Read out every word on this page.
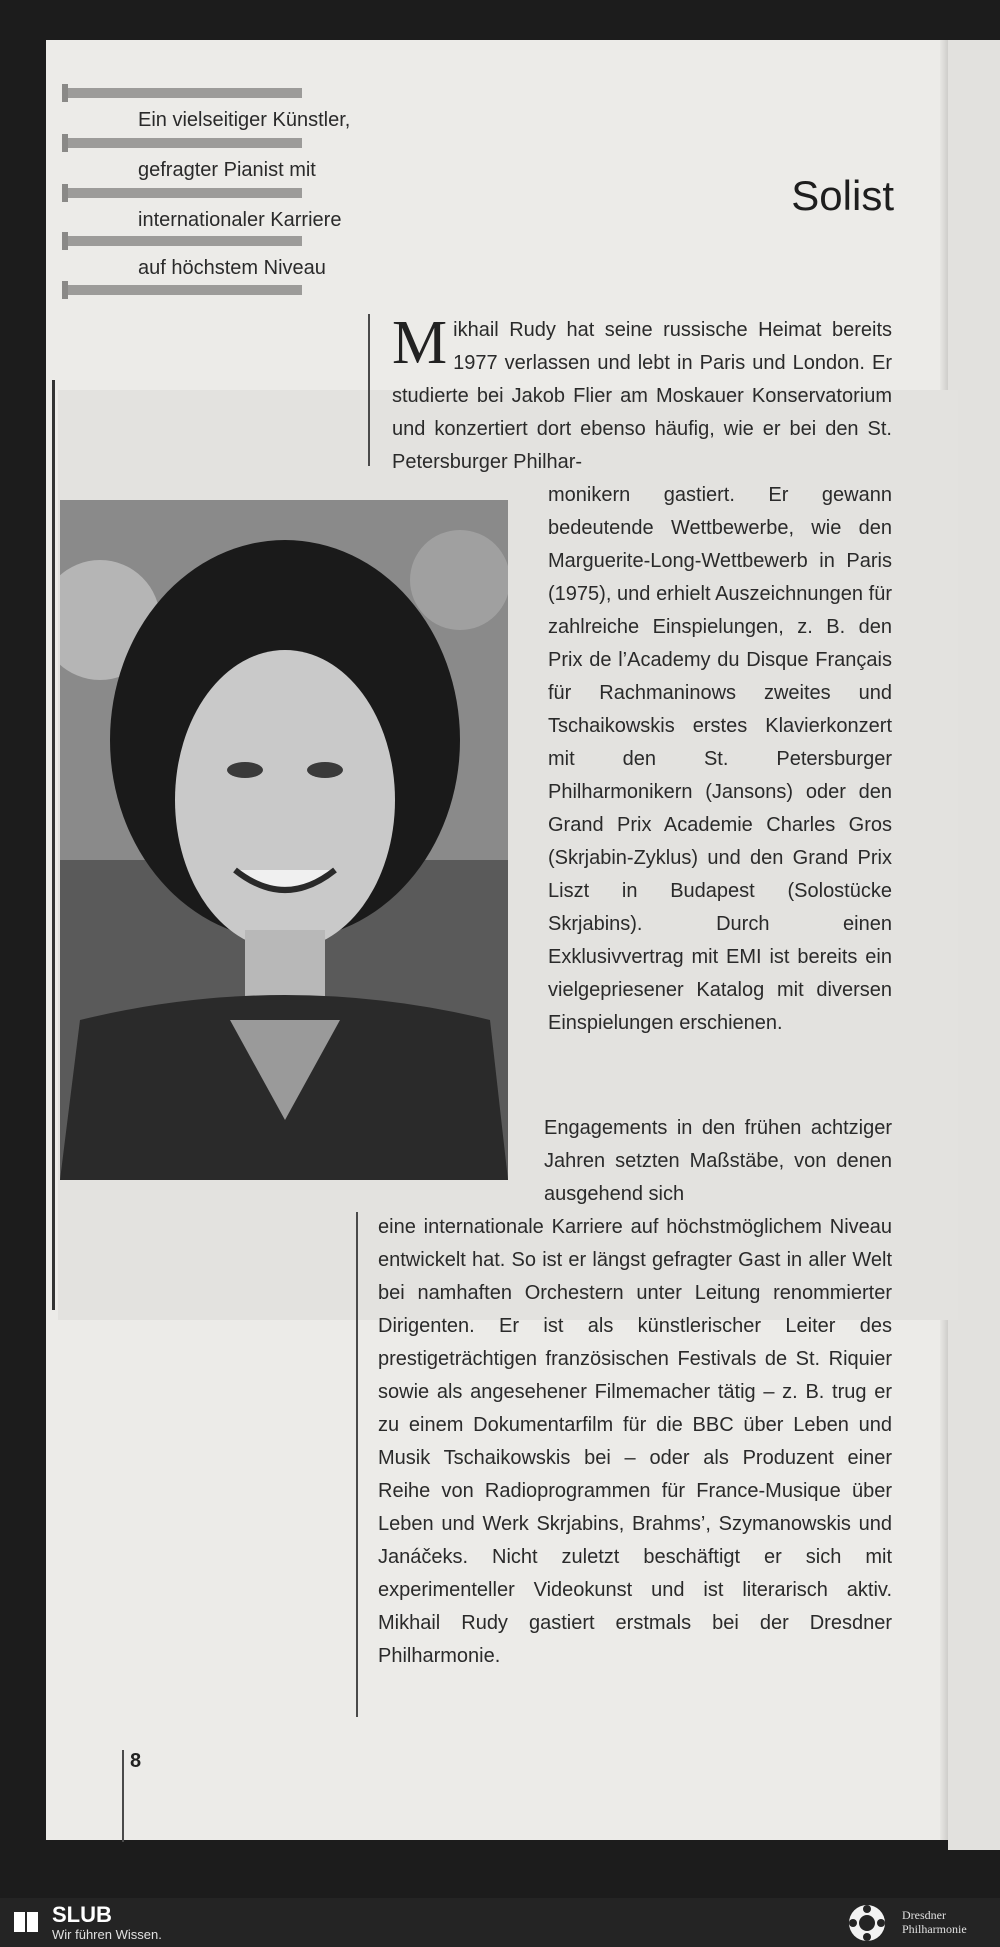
Ein vielseitiger Künstler,
gefragter Pianist mit
internationaler Karriere
auf höchstem Niveau
Solist
Mikhail Rudy hat seine russische Heimat bereits 1977 verlassen und lebt in Paris und London. Er studierte bei Jakob Flier am Moskauer Konservatorium und konzertiert dort ebenso häufig, wie er bei den St. Petersburger Philhar-
monikern gastiert. Er gewann bedeutende Wettbewerbe, wie den Marguerite-Long-Wettbewerb in Paris (1975), und erhielt Auszeichnungen für zahlreiche Einspielungen, z. B. den Prix de l’Academy du Disque Français für Rachmaninows zweites und Tschaikowskis erstes Klavierkonzert mit den St. Petersburger Philharmonikern (Jansons) oder den Grand Prix Academie Charles Gros (Skrjabin-Zyklus) und den Grand Prix Liszt in Budapest (Solostücke Skrjabins). Durch einen Exklusivvertrag mit EMI ist bereits ein vielgepriesener Katalog mit diversen Einspielungen erschienen.
Engagements in den frühen achtziger Jahren setzten Maßstäbe, von denen ausgehend sich
eine internationale Karriere auf höchstmöglichem Niveau entwickelt hat. So ist er längst gefragter Gast in aller Welt bei namhaften Orchestern unter Leitung renommierter Dirigenten. Er ist als künstlerischer Leiter des prestigeträchtigen französischen Festivals de St. Riquier sowie als angesehener Filmemacher tätig – z. B. trug er zu einem Dokumentarfilm für die BBC über Leben und Musik Tschaikowskis bei – oder als Produzent einer Reihe von Radioprogrammen für France-Musique über Leben und Werk Skrjabins, Brahms’, Szymanowskis und Janáčeks. Nicht zuletzt beschäftigt er sich mit experimenteller Videokunst und ist literarisch aktiv. Mikhail Rudy gastiert erstmals bei der Dresdner Philharmonie.
8
SLUB
Wir führen Wissen.
Dresdner
Philharmonie
